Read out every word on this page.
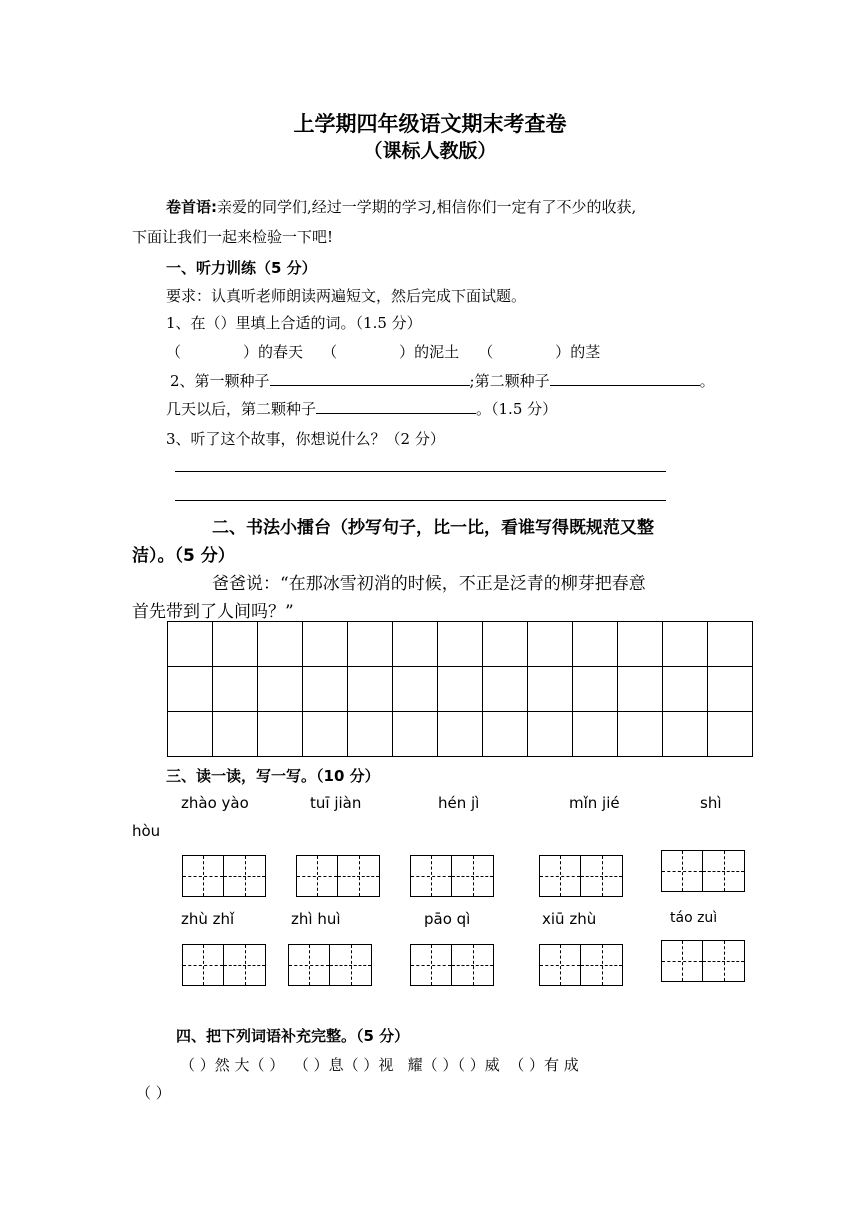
上学期四年级语文期末考查卷
（课标人教版）
卷首语:亲爱的同学们,经过一学期的学习,相信你们一定有了不少的收获,
下面让我们一起来检验一下吧!
一、听力训练（5 分）
要求：认真听老师朗读两遍短文，然后完成下面试题。
1、在（）里填上合适的词。（1.5 分）
（             ）的春天 （             ）的泥土 （             ）的茎
2、第一颗种子	;第二颗种子	。
几天以后，第二颗种子	。（1.5 分）
3、听了这个故事，你想说什么？（2 分）
二、书法小擂台（抄写句子，比一比，看谁写得既规范又整
洁）。（5 分）
爸爸说：“在那冰雪初消的时候，不正是泛青的柳芽把春意
首先带到了人间吗？”

三、读一读，写一写。（10 分）
zhào yào	tuī jiàn	hén jì	mǐn jié	shì
hòu
zhù zhǐ	zhì huì	pāo qì	xiū zhù	táo zuì
四、把下列词语补充完整。（5 分）
（ ）然 大（ ）  （ ）息（ ）视   耀（ ）（ ）威  （ ）有 成
（ ）
